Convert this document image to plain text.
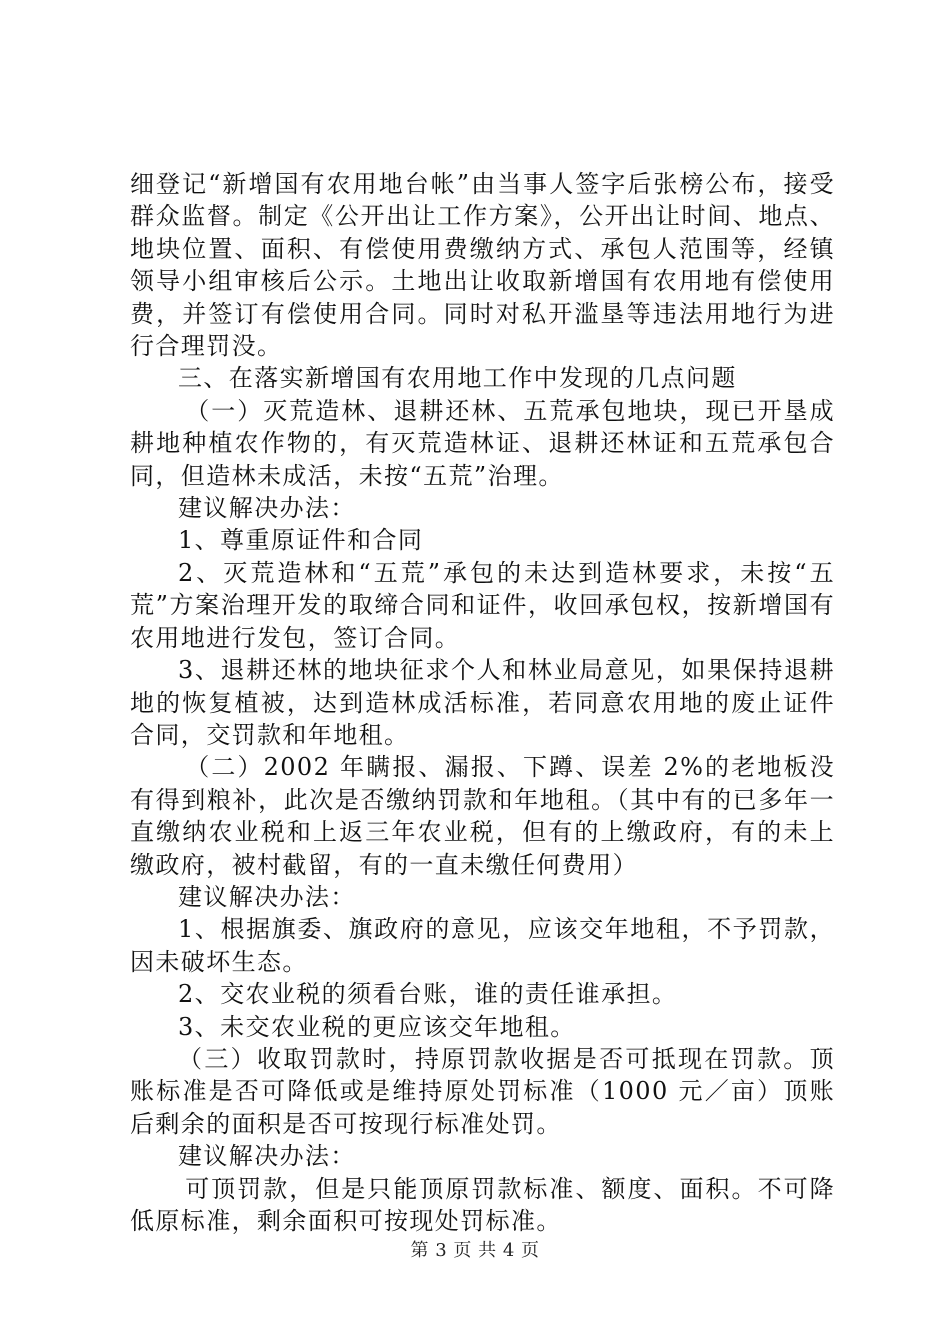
细登记“新增国有农用地台帐”由当事人签字后张榜公布，接受群众监督。制定《公开出让工作方案》，公开出让时间、地点、地块位置、面积、有偿使用费缴纳方式、承包人范围等，经镇领导小组审核后公示。土地出让收取新增国有农用地有偿使用费，并签订有偿使用合同。同时对私开滥垦等违法用地行为进行合理罚没。

三、在落实新增国有农用地工作中发现的几点问题

（一）灭荒造林、退耕还林、五荒承包地块，现已开垦成耕地种植农作物的，有灭荒造林证、退耕还林证和五荒承包合同，但造林未成活，未按“五荒”治理。

建议解决办法：

1、尊重原证件和合同

2、灭荒造林和“五荒”承包的未达到造林要求，未按“五荒”方案治理开发的取缔合同和证件，收回承包权，按新增国有农用地进行发包，签订合同。

3、退耕还林的地块征求个人和林业局意见，如果保持退耕地的恢复植被，达到造林成活标准，若同意农用地的废止证件合同，交罚款和年地租。

（二）2002 年瞒报、漏报、下蹲、误差 2%的老地板没有得到粮补，此次是否缴纳罚款和年地租。（其中有的已多年一直缴纳农业税和上返三年农业税，但有的上缴政府，有的未上缴政府，被村截留，有的一直未缴任何费用）

建议解决办法：

1、根据旗委、旗政府的意见，应该交年地租，不予罚款，因未破坏生态。

2、交农业税的须看台账，谁的责任谁承担。

3、未交农业税的更应该交年地租。

（三）收取罚款时，持原罚款收据是否可抵现在罚款。顶账标准是否可降低或是维持原处罚标准（1000 元／亩）顶账后剩余的面积是否可按现行标准处罚。

建议解决办法：

可顶罚款，但是只能顶原罚款标准、额度、面积。不可降低原标准，剩余面积可按现处罚标准。

第 3 页 共 4 页
